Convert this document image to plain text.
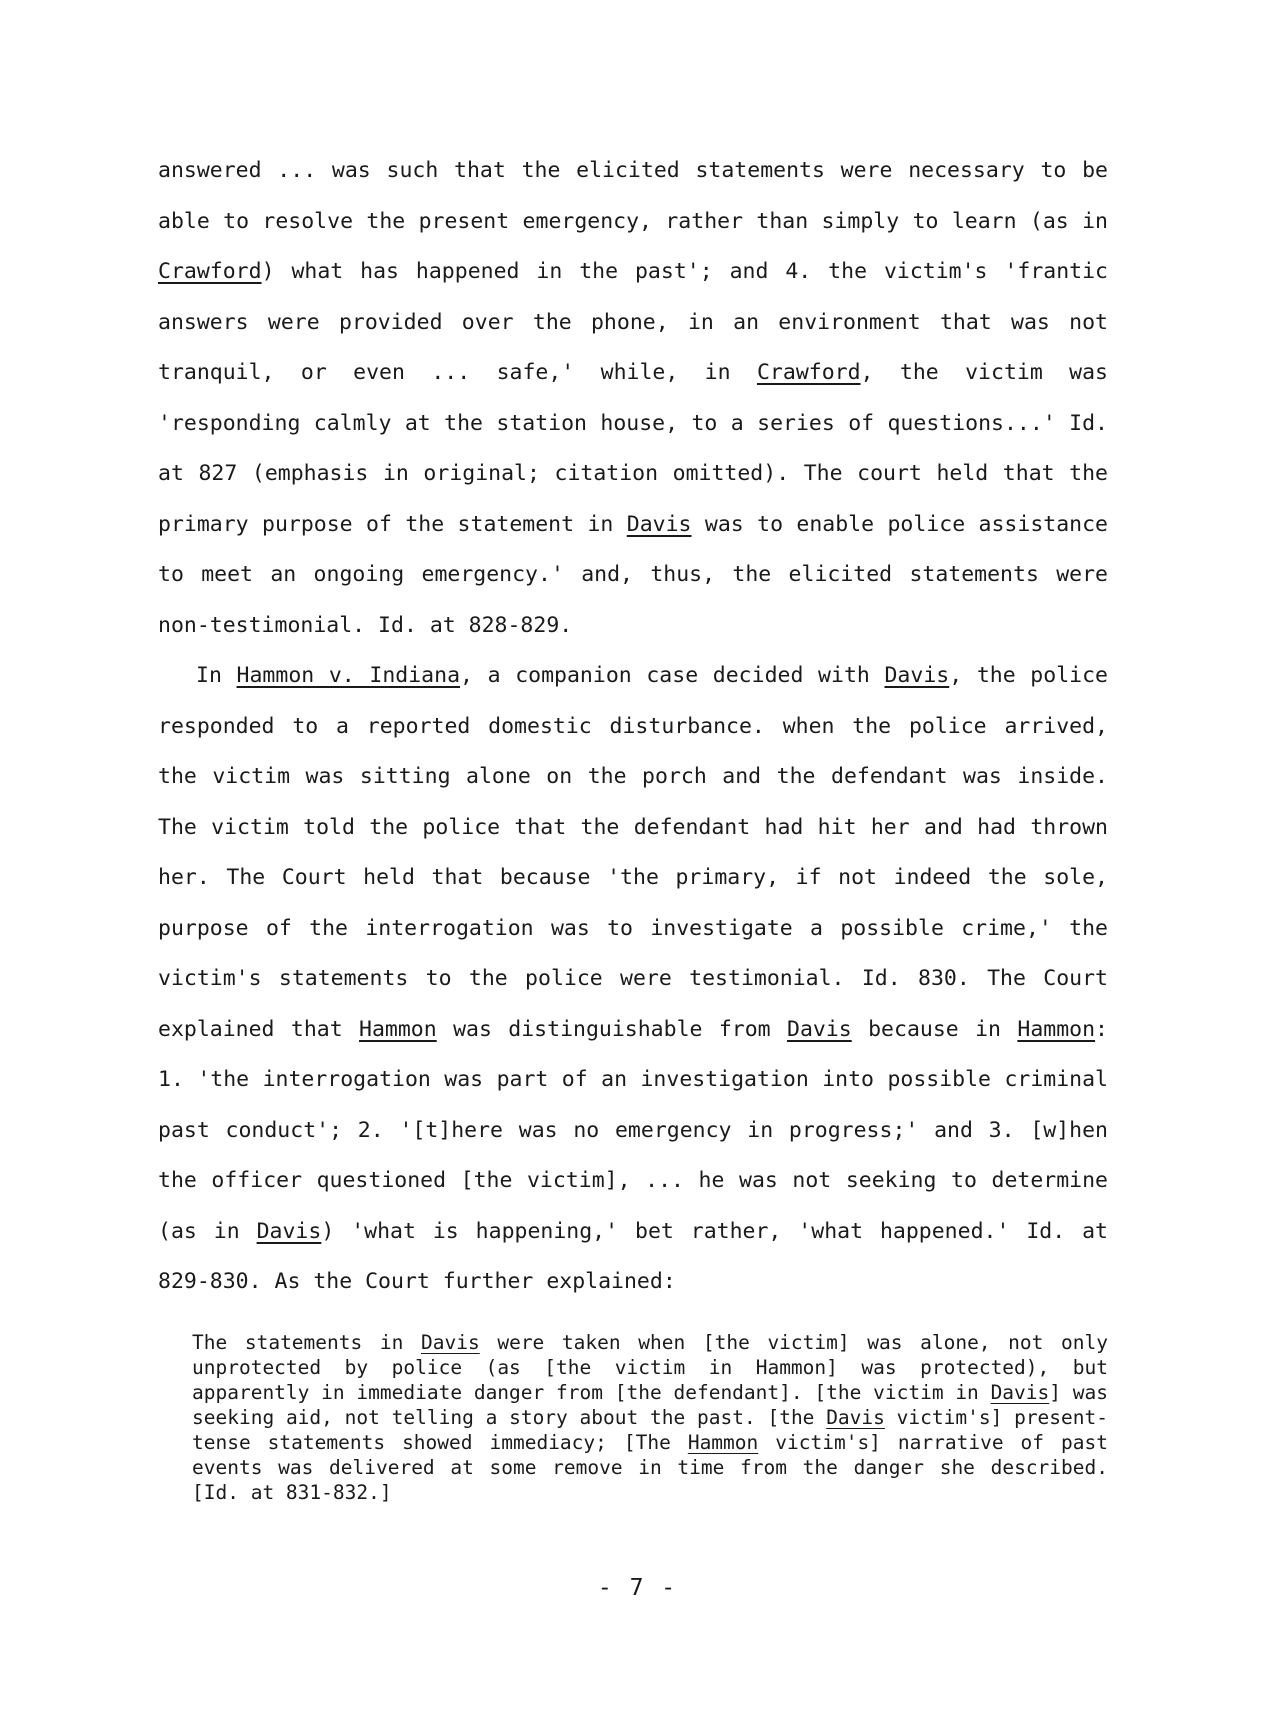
answered ... was such that the elicited statements were necessary to be able to resolve the present emergency, rather than simply to learn (as in Crawford) what has happened in the past'; and 4. the victim's 'frantic answers were provided over the phone, in an environment that was not tranquil, or even ... safe,' while, in Crawford, the victim was 'responding calmly at the station house, to a series of questions...' Id. at 827 (emphasis in original; citation omitted). The court held that the primary purpose of the statement in Davis was to enable police assistance to meet an ongoing emergency.' and, thus, the elicited statements were non-testimonial. Id. at 828-829.

In Hammon v. Indiana, a companion case decided with Davis, the police responded to a reported domestic disturbance. when the police arrived, the victim was sitting alone on the porch and the defendant was inside. The victim told the police that the defendant had hit her and had thrown her. The Court held that because 'the primary, if not indeed the sole, purpose of the interrogation was to investigate a possible crime,' the victim's statements to the police were testimonial. Id. 830. The Court explained that Hammon was distinguishable from Davis because in Hammon: 1. 'the interrogation was part of an investigation into possible criminal past conduct'; 2. '[t]here was no emergency in progress;' and 3. [w]hen the officer questioned [the victim], ... he was not seeking to determine (as in Davis) 'what is happening,' bet rather, 'what happened.' Id. at 829-830. As the Court further explained:

The statements in Davis were taken when [the victim] was alone, not only unprotected by police (as [the victim in Hammon] was protected), but apparently in immediate danger from [the defendant]. [the victim in Davis] was seeking aid, not telling a story about the past. [the Davis victim's] present-tense statements showed immediacy; [The Hammon victim's] narrative of past events was delivered at some remove in time from the danger she described. [Id. at 831-832.]

- 7 -
